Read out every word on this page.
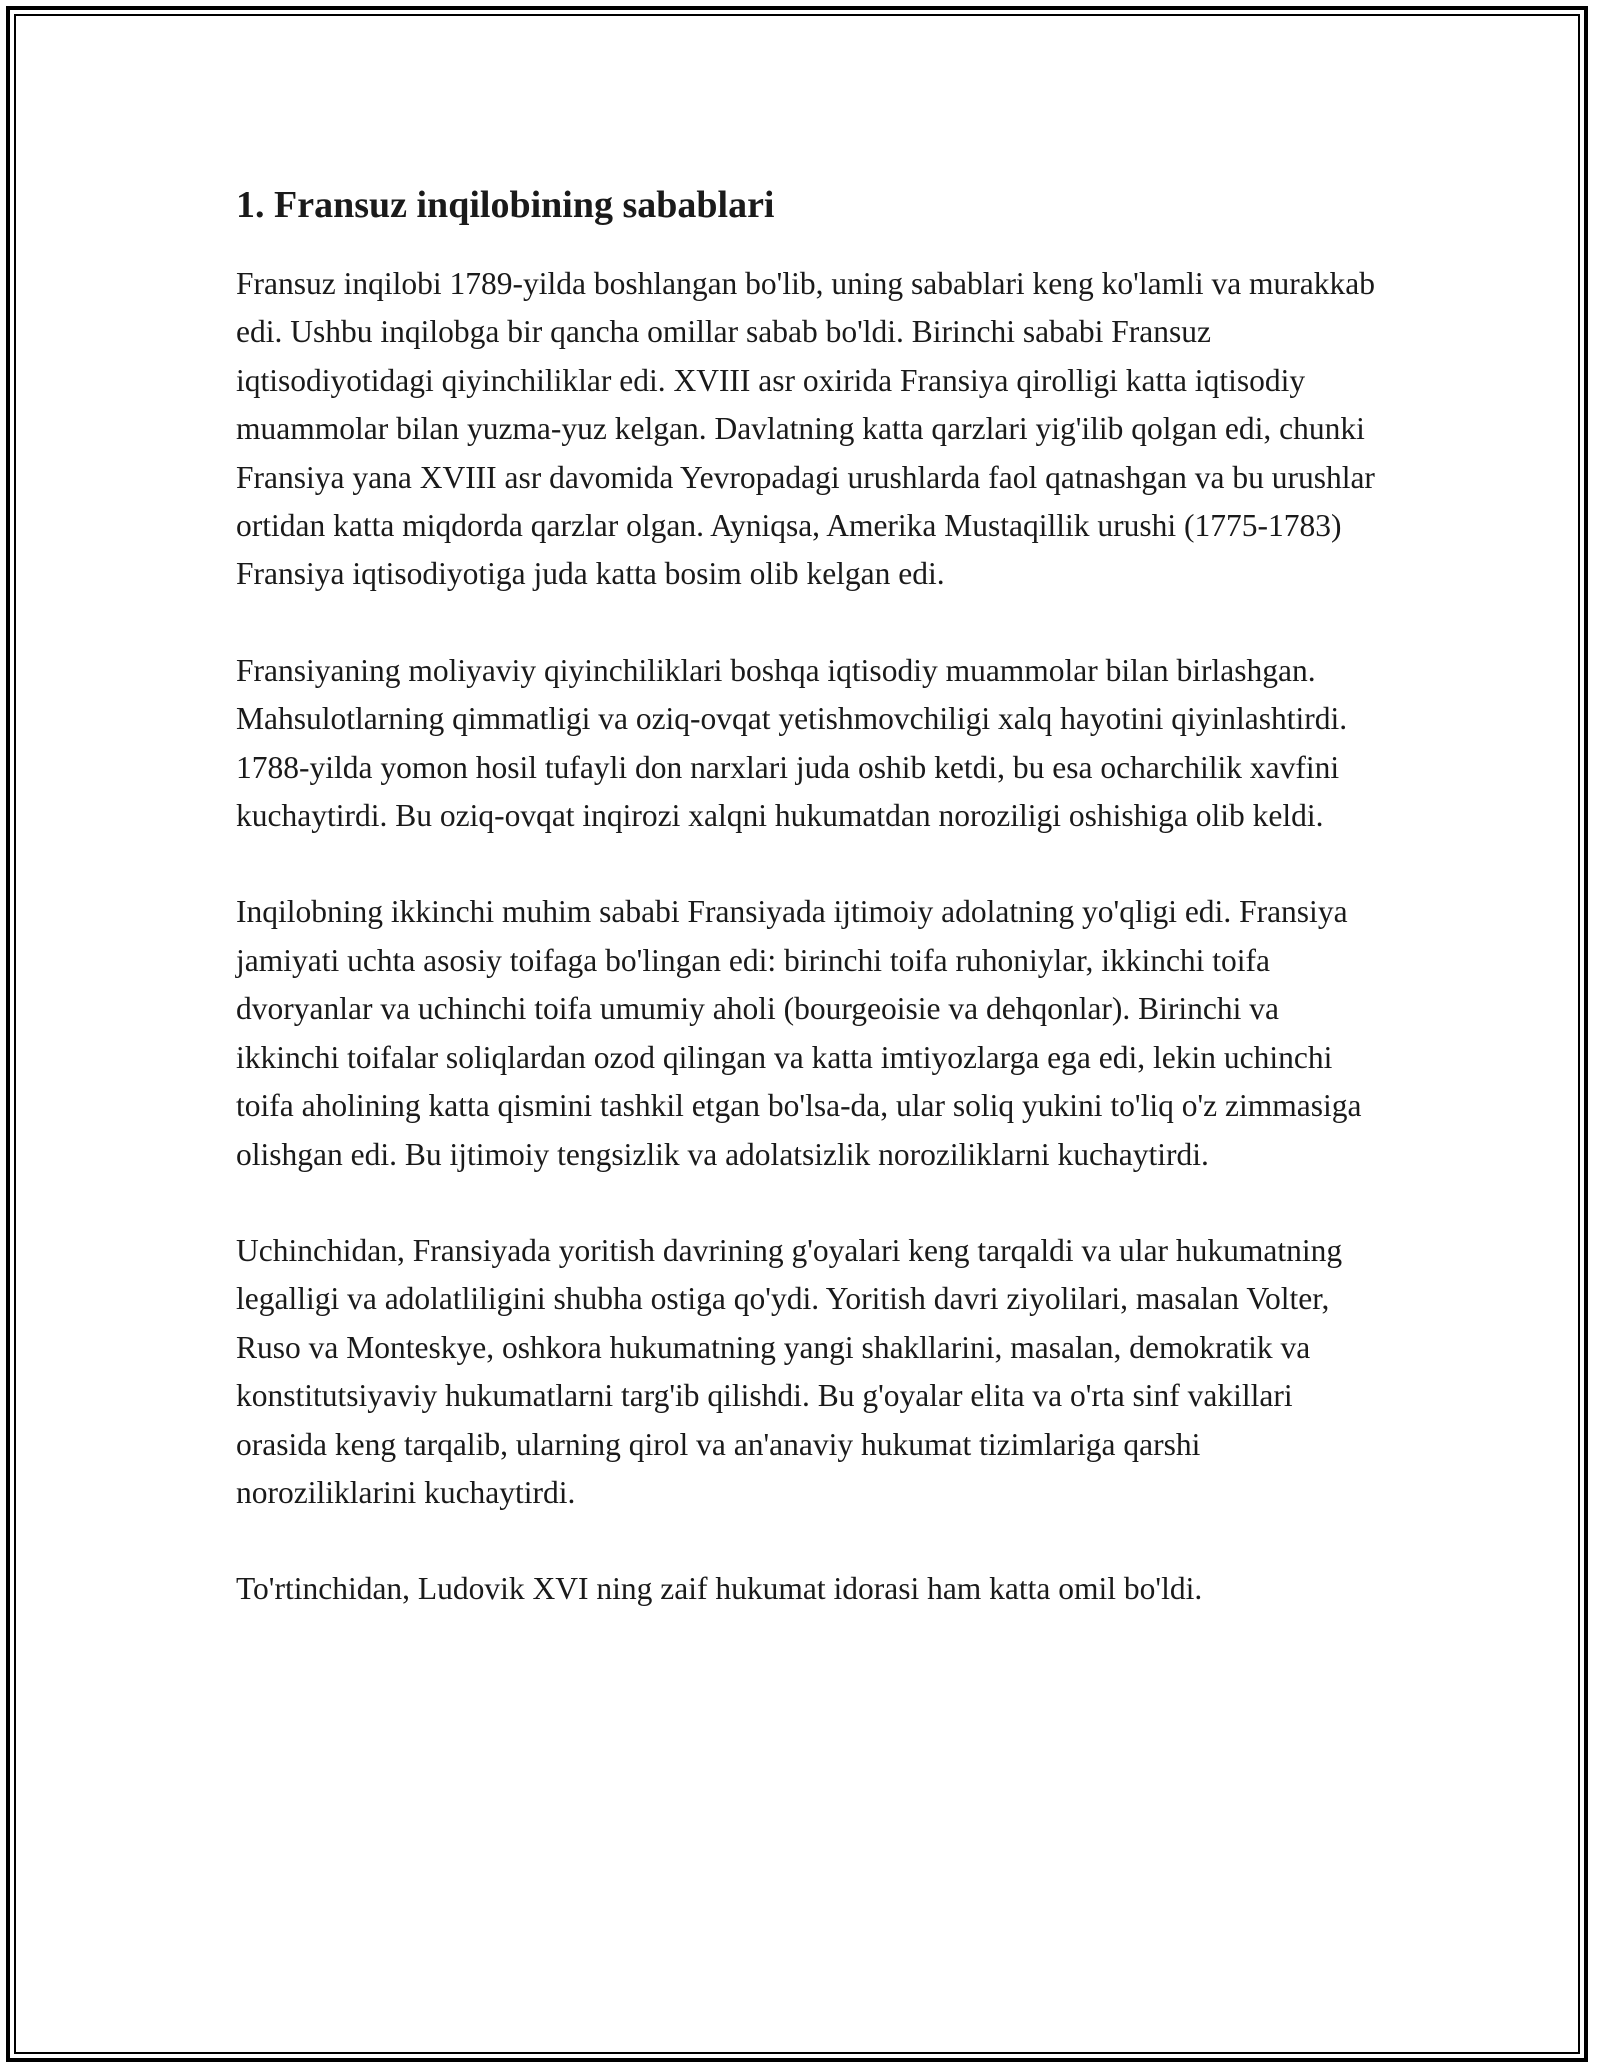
1. Fransuz inqilobining sabablari

Fransuz inqilobi 1789-yilda boshlangan bo'lib, uning sabablari keng ko'lamli va murakkab edi. Ushbu inqilobga bir qancha omillar sabab bo'ldi. Birinchi sababi Fransuz iqtisodiyotidagi qiyinchiliklar edi. XVIII asr oxirida Fransiya qirolligi katta iqtisodiy muammolar bilan yuzma-yuz kelgan. Davlatning katta qarzlari yig'ilib qolgan edi, chunki Fransiya yana XVIII asr davomida Yevropadagi urushlarda faol qatnashgan va bu urushlar ortidan katta miqdorda qarzlar olgan. Ayniqsa, Amerika Mustaqillik urushi (1775-1783) Fransiya iqtisodiyotiga juda katta bosim olib kelgan edi.

Fransiyaning moliyaviy qiyinchiliklari boshqa iqtisodiy muammolar bilan birlashgan. Mahsulotlarning qimmatligi va oziq-ovqat yetishmovchiligi xalq hayotini qiyinlashtirdi. 1788-yilda yomon hosil tufayli don narxlari juda oshib ketdi, bu esa ocharchilik xavfini kuchaytirdi. Bu oziq-ovqat inqirozi xalqni hukumatdan noroziligi oshishiga olib keldi.

Inqilobning ikkinchi muhim sababi Fransiyada ijtimoiy adolatning yo'qligi edi. Fransiya jamiyati uchta asosiy toifaga bo'lingan edi: birinchi toifa ruhoniylar, ikkinchi toifa dvoryanlar va uchinchi toifa umumiy aholi (bourgeoisie va dehqonlar). Birinchi va ikkinchi toifalar soliqlardan ozod qilingan va katta imtiyozlarga ega edi, lekin uchinchi toifa aholining katta qismini tashkil etgan bo'lsa-da, ular soliq yukini to'liq o'z zimmasiga olishgan edi. Bu ijtimoiy tengsizlik va adolatsizlik noroziliklarni kuchaytirdi.

Uchinchidan, Fransiyada yoritish davrining g'oyalari keng tarqaldi va ular hukumatning legalligi va adolatliligini shubha ostiga qo'ydi. Yoritish davri ziyolilari, masalan Volter, Ruso va Monteskye, oshkora hukumatning yangi shakllarini, masalan, demokratik va konstitutsiyaviy hukumatlarni targ'ib qilishdi. Bu g'oyalar elita va o'rta sinf vakillari orasida keng tarqalib, ularning qirol va an'anaviy hukumat tizimlariga qarshi noroziliklarini kuchaytirdi.

To'rtinchidan, Ludovik XVI ning zaif hukumat idorasi ham katta omil bo'ldi.
